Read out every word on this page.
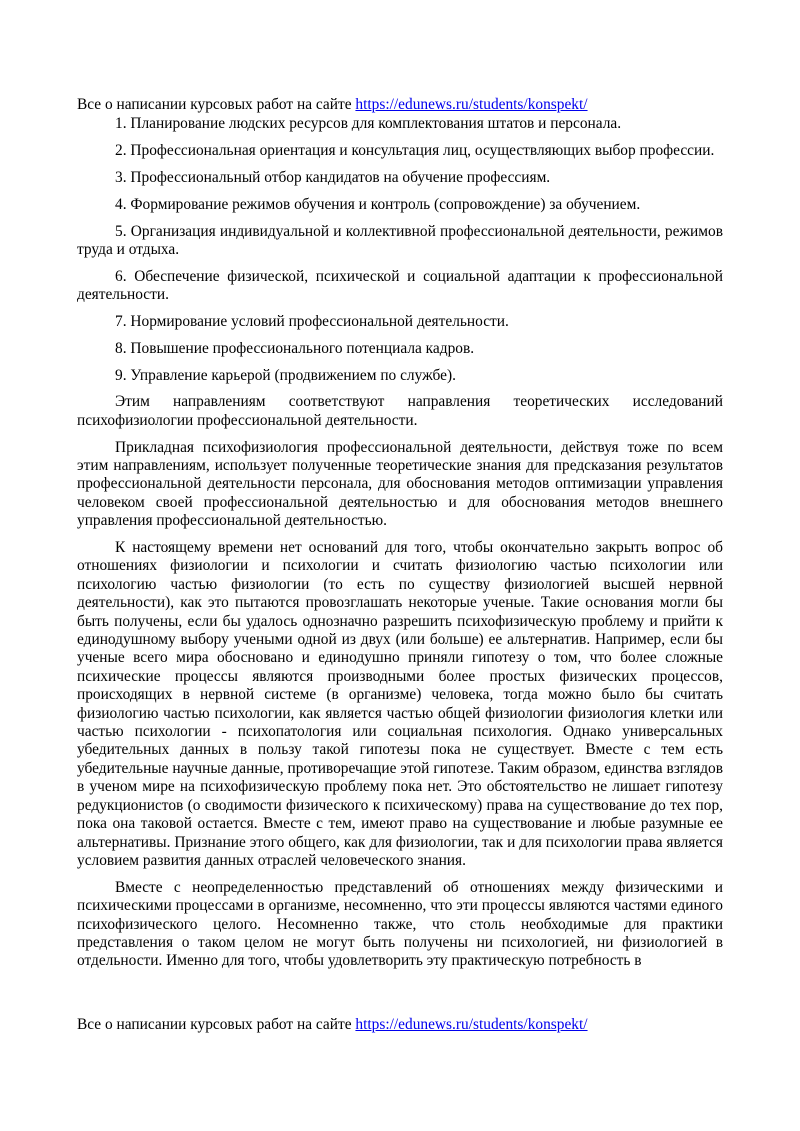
Все о написании курсовых работ на сайте https://edunews.ru/students/konspekt/

1. Планирование людских ресурсов для комплектования штатов и персонала.

2. Профессиональная ориентация и консультация лиц, осуществляющих выбор профессии.

3. Профессиональный отбор кандидатов на обучение профессиям.

4. Формирование режимов обучения и контроль (сопровождение) за обучением.

5. Организация индивидуальной и коллективной профессиональной деятельности, режимов труда и отдыха.

6. Обеспечение физической, психической и социальной адаптации к профессиональной деятельности.

7. Нормирование условий профессиональной деятельности.

8. Повышение профессионального потенциала кадров.

9. Управление карьерой (продвижением по службе).

Этим направлениям соответствуют направления теоретических исследований психофизиологии профессиональной деятельности.

Прикладная психофизиология профессиональной деятельности, действуя тоже по всем этим направлениям, использует полученные теоретические знания для предсказания результатов профессиональной деятельности персонала, для обоснования методов оптимизации управления человеком своей профессиональной деятельностью и для обоснования методов внешнего управления профессиональной деятельностью.

К настоящему времени нет оснований для того, чтобы окончательно закрыть вопрос об отношениях физиологии и психологии и считать физиологию частью психологии или психологию частью физиологии (то есть по существу физиологией высшей нервной деятельности), как это пытаются провозглашать некоторые ученые. Такие основания могли бы быть получены, если бы удалось однозначно разрешить психофизическую проблему и прийти к единодушному выбору учеными одной из двух (или больше) ее альтернатив. Например, если бы ученые всего мира обосновано и единодушно приняли гипотезу о том, что более сложные психические процессы являются производными более простых физических процессов, происходящих в нервной системе (в организме) человека, тогда можно было бы считать физиологию частью психологии, как является частью общей физиологии физиология клетки или частью психологии - психопатология или социальная психология. Однако универсальных убедительных данных в пользу такой гипотезы пока не существует. Вместе с тем есть убедительные научные данные, противоречащие этой гипотезе. Таким образом, единства взглядов в ученом мире на психофизическую проблему пока нет. Это обстоятельство не лишает гипотезу редукционистов (о сводимости физического к психическому) права на существование до тех пор, пока она таковой остается. Вместе с тем, имеют право на существование и любые разумные ее альтернативы. Признание этого общего, как для физиологии, так и для психологии права является условием развития данных отраслей человеческого знания.

Вместе с неопределенностью представлений об отношениях между физическими и психическими процессами в организме, несомненно, что эти процессы являются частями единого психофизического целого. Несомненно также, что столь необходимые для практики представления о таком целом не могут быть получены ни психологией, ни физиологией в отдельности. Именно для того, чтобы удовлетворить эту практическую потребность в

Все о написании курсовых работ на сайте https://edunews.ru/students/konspekt/
